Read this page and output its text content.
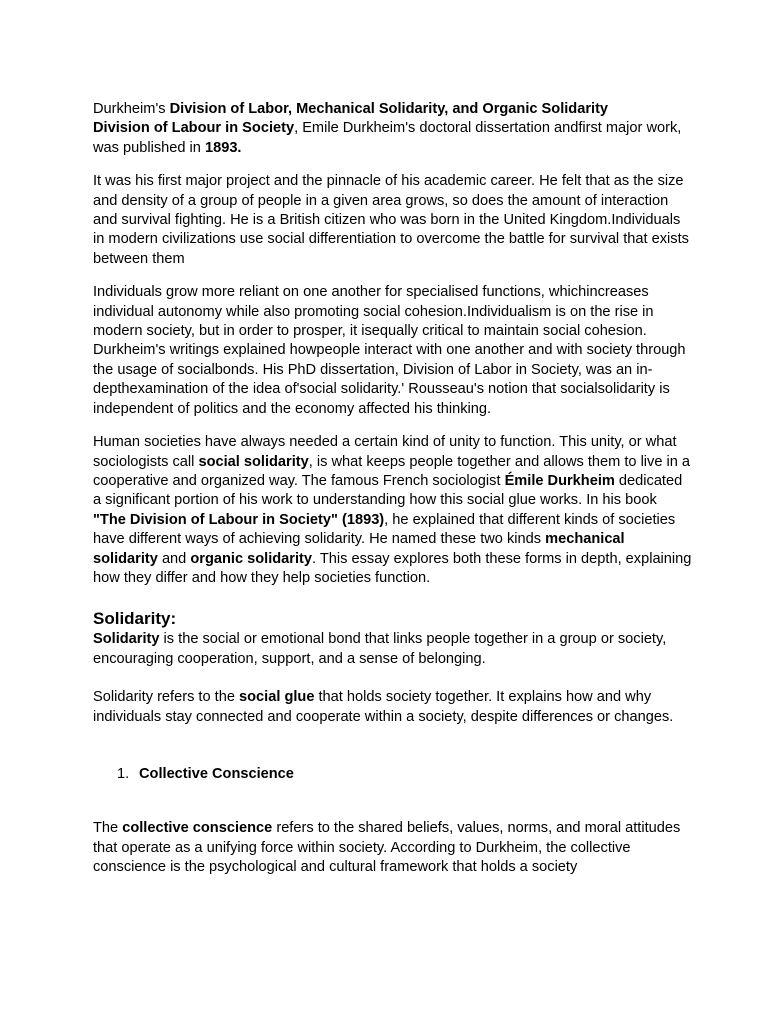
Durkheim's Division of Labor, Mechanical Solidarity, and Organic Solidarity
Division of Labour in Society, Emile Durkheim's doctoral dissertation andfirst major work, was published in 1893.

It was his first major project and the pinnacle of his academic career. He felt that as the size and density of a group of people in a given area grows, so does the amount of interaction and survival fighting. He is a British citizen who was born in the United Kingdom.Individuals in modern civilizations use social differentiation to overcome the battle for survival that exists between them

Individuals grow more reliant on one another for specialised functions, whichincreases individual autonomy while also promoting social cohesion.Individualism is on the rise in modern society, but in order to prosper, it isequally critical to maintain social cohesion. Durkheim's writings explained howpeople interact with one another and with society through the usage of socialbonds. His PhD dissertation, Division of Labor in Society, was an in-depthexamination of the idea of'social solidarity.' Rousseau's notion that socialsolidarity is independent of politics and the economy affected his thinking.

Human societies have always needed a certain kind of unity to function. This unity, or what sociologists call social solidarity, is what keeps people together and allows them to live in a cooperative and organized way. The famous French sociologist Émile Durkheim dedicated a significant portion of his work to understanding how this social glue works. In his book "The Division of Labour in Society" (1893), he explained that different kinds of societies have different ways of achieving solidarity. He named these two kinds mechanical solidarity and organic solidarity. This essay explores both these forms in depth, explaining how they differ and how they help societies function.

Solidarity:

Solidarity is the social or emotional bond that links people together in a group or society, encouraging cooperation, support, and a sense of belonging.

Solidarity refers to the social glue that holds society together. It explains how and why individuals stay connected and cooperate within a society, despite differences or changes.

1. Collective Conscience

The collective conscience refers to the shared beliefs, values, norms, and moral attitudes that operate as a unifying force within society. According to Durkheim, the collective conscience is the psychological and cultural framework that holds a society
